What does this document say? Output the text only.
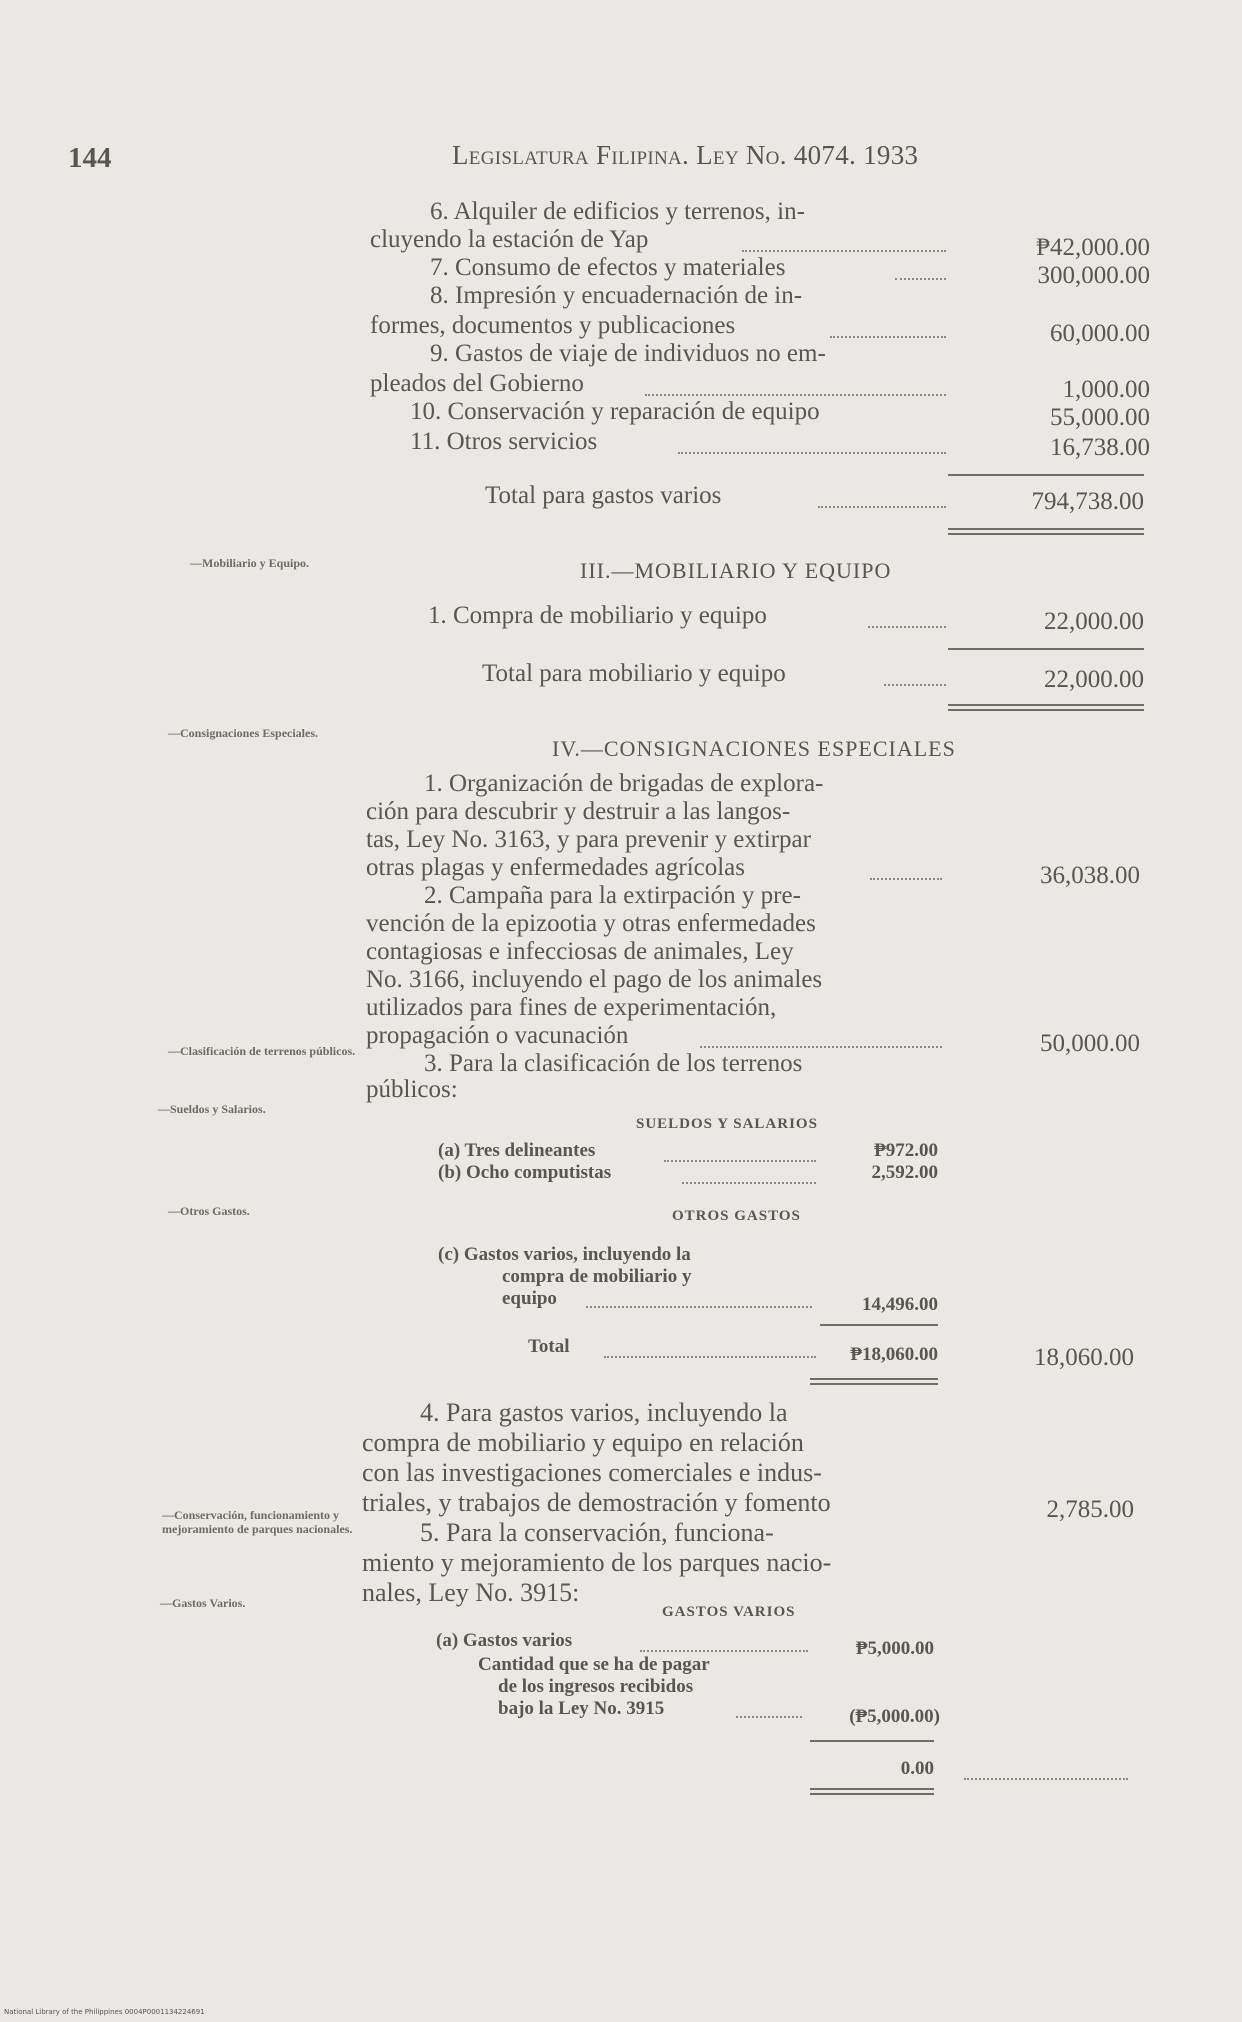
144	Legislatura Filipina. Ley No. 4074. 1933
6. Alquiler de edificios y terrenos, in-
cluyendo la estación de Yap	₱42,000.00
7. Consumo de efectos y materiales	300,000.00
8. Impresión y encuadernación de in-
formes, documentos y publicaciones	60,000.00
9. Gastos de viaje de individuos no em-
pleados del Gobierno	1,000.00
10. Conservación y reparación de equipo	55,000.00
11. Otros servicios	16,738.00
Total para gastos varios	794,738.00
—Mobiliario y Equipo.	III.—MOBILIARIO Y EQUIPO
1. Compra de mobiliario y equipo	22,000.00
Total para mobiliario y equipo	22,000.00
—Consignaciones Especiales.
IV.—CONSIGNACIONES ESPECIALES
1. Organización de brigadas de explora-
ción para descubrir y destruir a las langos-
tas, Ley No. 3163, y para prevenir y extirpar
otras plagas y enfermedades agrícolas	36,038.00
2. Campaña para la extirpación y pre-
vención de la epizootia y otras enfermedades
contagiosas e infecciosas de animales, Ley
No. 3166, incluyendo el pago de los animales
utilizados para fines de experimentación,
propagación o vacunación	50,000.00
—Clasificación de terrenos públicos.	3. Para la clasificación de los terrenos
públicos:
—Sueldos y Salarios.
SUELDOS Y SALARIOS
(a) Tres delineantes	₱972.00
(b) Ocho computistas	2,592.00
—Otros Gastos.	OTROS GASTOS
(c) Gastos varios, incluyendo la
compra de mobiliario y
equipo	14,496.00
Total	₱18,060.00	18,060.00
4. Para gastos varios, incluyendo la
compra de mobiliario y equipo en relación
con las investigaciones comerciales e indus-
triales, y trabajos de demostración y fomento	2,785.00
—Conservación, funcionamiento y mejoramiento de parques nacionales.	5. Para la conservación, funciona-
miento y mejoramiento de los parques nacio-
nales, Ley No. 3915:
—Gastos Varios.
GASTOS VARIOS
(a) Gastos varios	₱5,000.00
Cantidad que se ha de pagar
de los ingresos recibidos
bajo la Ley No. 3915	(₱5,000.00)
0.00
National Library of the Philippines 0004P0001134224691
